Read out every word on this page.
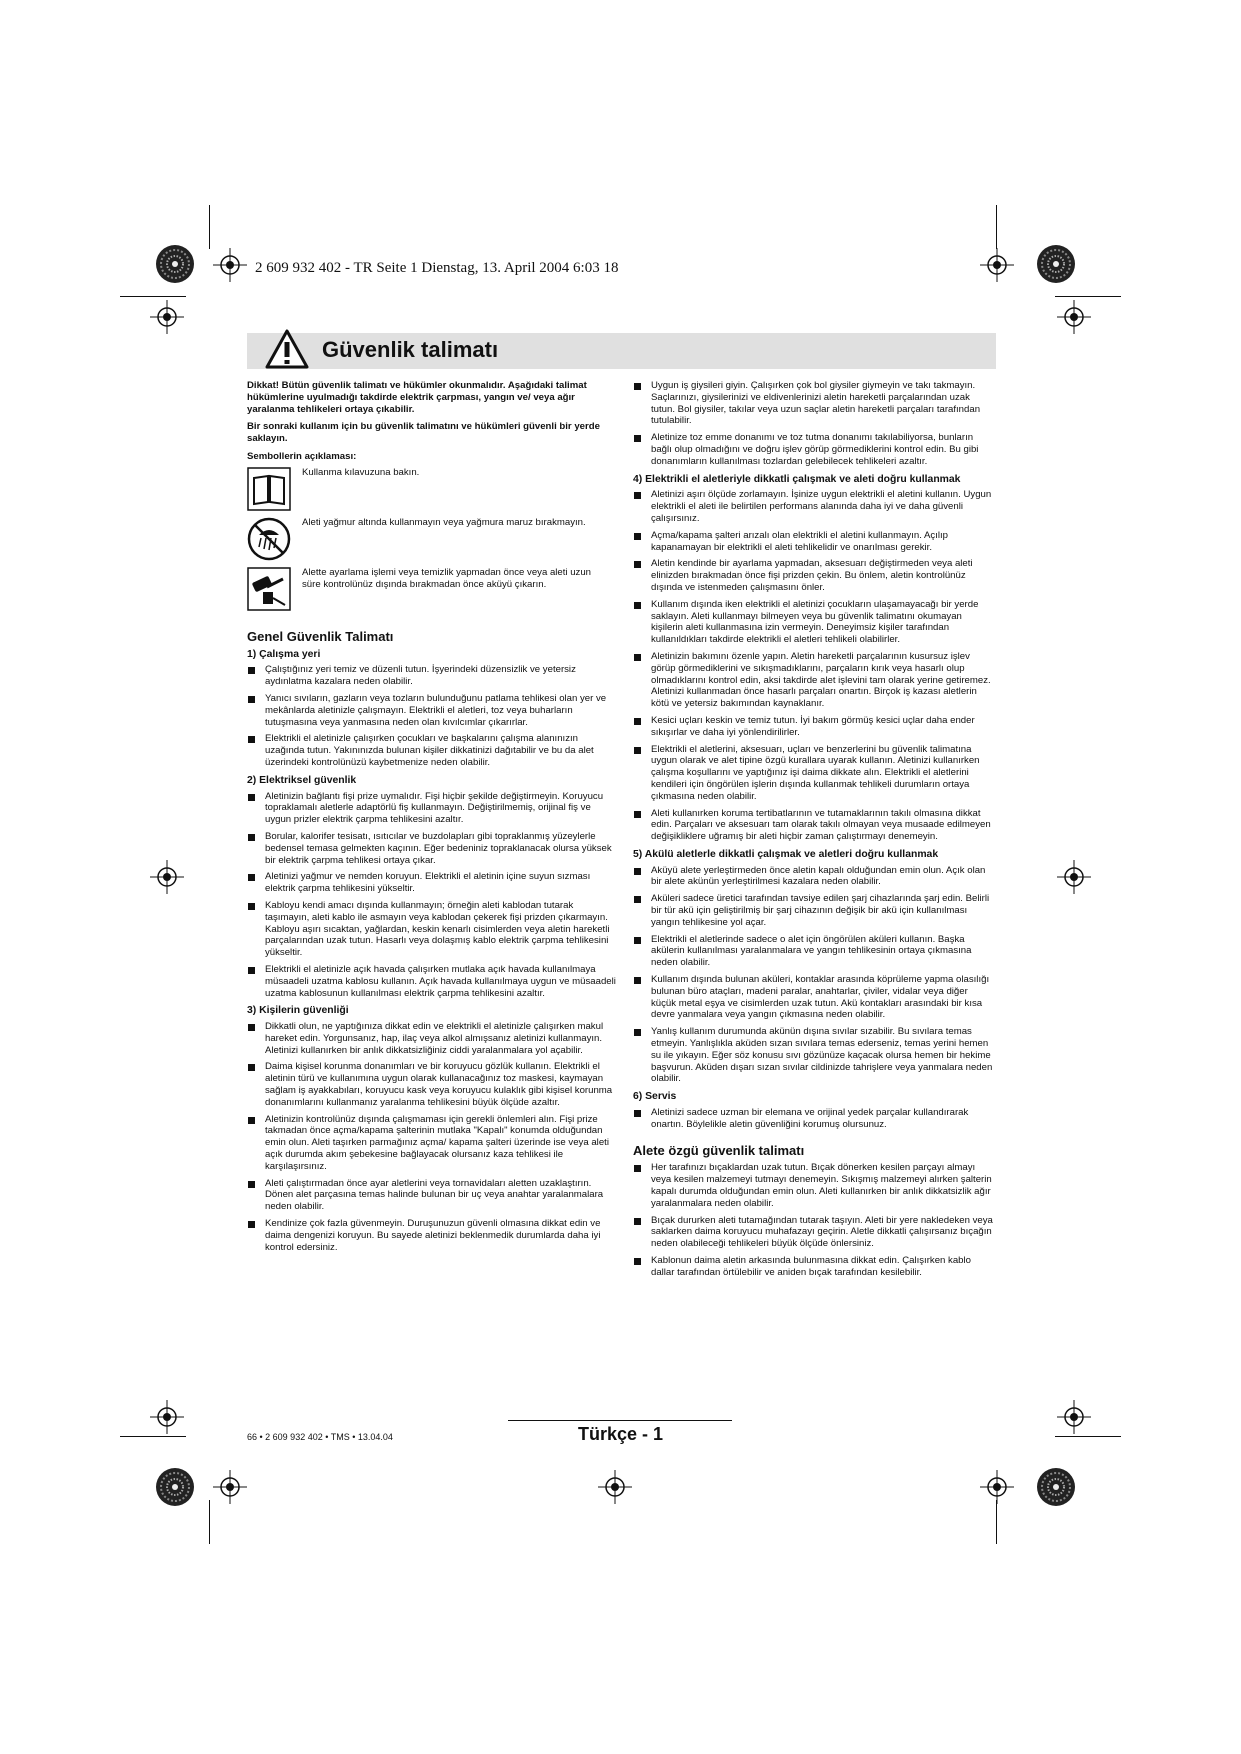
2 609 932 402 - TR Seite 1 Dienstag, 13. April 2004 6:03 18
Güvenlik talimatı

Dikkat! Bütün güvenlik talimatı ve hükümler okunmalıdır. Aşağıdaki talimat hükümlerine uyulmadığı takdirde elektrik çarpması, yangın ve/ veya ağır yaralanma tehlikeleri ortaya çıkabilir.

Bir sonraki kullanım için bu güvenlik talimatını ve hükümleri güvenli bir yerde saklayın.

Sembollerin açıklaması:

Kullanma kılavuzuna bakın.
Aleti yağmur altında kullanmayın veya yağmura maruz bırakmayın.
Alette ayarlama işlemi veya temizlik yapmadan önce veya aleti uzun süre kontrolünüz dışında bırakmadan önce aküyü çıkarın.
Genel Güvenlik Talimatı
1) Çalışma yeri
Çalıştığınız yeri temiz ve düzenli tutun. İşyerindeki düzensizlik ve yetersiz aydınlatma kazalara neden olabilir.
Yanıcı sıvıların, gazların veya tozların bulunduğunu patlama tehlikesi olan yer ve mekânlarda aletinizle çalışmayın. Elektrikli el aletleri, toz veya buharların tutuşmasına veya yanmasına neden olan kıvılcımlar çıkarırlar.
Elektrikli el aletinizle çalışırken çocukları ve başkalarını çalışma alanınızın uzağında tutun. Yakınınızda bulunan kişiler dikkatinizi dağıtabilir ve bu da alet üzerindeki kontrolünüzü kaybetmenize neden olabilir.
2) Elektriksel güvenlik
Aletinizin bağlantı fişi prize uymalıdır. Fişi hiçbir şekilde değiştirmeyin. Koruyucu topraklamalı aletlerle adaptörlü fiş kullanmayın. Değiştirilmemiş, orijinal fiş ve uygun prizler elektrik çarpma tehlikesini azaltır.
Borular, kalorifer tesisatı, ısıtıcılar ve buzdolapları gibi topraklanmış yüzeylerle bedensel temasa gelmekten kaçının. Eğer bedeniniz topraklanacak olursa yüksek bir elektrik çarpma tehlikesi ortaya çıkar.
Aletinizi yağmur ve nemden koruyun. Elektrikli el aletinin içine suyun sızması elektrik çarpma tehlikesini yükseltir.
Kabloyu kendi amacı dışında kullanmayın; örneğin aleti kablodan tutarak taşımayın, aleti kablo ile asmayın veya kablodan çekerek fişi prizden çıkarmayın. Kabloyu aşırı sıcaktan, yağlardan, keskin kenarlı cisimlerden veya aletin hareketli parçalarından uzak tutun. Hasarlı veya dolaşmış kablo elektrik çarpma tehlikesini yükseltir.
Elektrikli el aletinizle açık havada çalışırken mutlaka açık havada kullanılmaya müsaadeli uzatma kablosu kullanın. Açık havada kullanılmaya uygun ve müsaadeli uzatma kablosunun kullanılması elektrik çarpma tehlikesini azaltır.
3) Kişilerin güvenliği
Dikkatli olun, ne yaptığınıza dikkat edin ve elektrikli el aletinizle çalışırken makul hareket edin. Yorgunsanız, hap, ilaç veya alkol almışsanız aletinizi kullanmayın. Aletinizi kullanırken bir anlık dikkatsizliğiniz ciddi yaralanmalara yol açabilir.
Daima kişisel korunma donanımları ve bir koruyucu gözlük kullanın. Elektrikli el aletinin türü ve kullanımına uygun olarak kullanacağınız toz maskesi, kaymayan sağlam iş ayakkabıları, koruyucu kask veya koruyucu kulaklık gibi kişisel korunma donanımlarını kullanmanız yaralanma tehlikesini büyük ölçüde azaltır.
Aletinizin kontrolünüz dışında çalışmaması için gerekli önlemleri alın. Fişi prize takmadan önce açma/kapama şalterinin mutlaka "Kapalı" konumda olduğundan emin olun. Aleti taşırken parmağınız açma/ kapama şalteri üzerinde ise veya aleti açık durumda akım şebekesine bağlayacak olursanız kaza tehlikesi ile karşılaşırsınız.
Aleti çalıştırmadan önce ayar aletlerini veya tornavidaları aletten uzaklaştırın. Dönen alet parçasına temas halinde bulunan bir uç veya anahtar yaralanmalara neden olabilir.
Kendinize çok fazla güvenmeyin. Duruşunuzun güvenli olmasına dikkat edin ve daima dengenizi koruyun. Bu sayede aletinizi beklenmedik durumlarda daha iyi kontrol edersiniz.
Uygun iş giysileri giyin. Çalışırken çok bol giysiler giymeyin ve takı takmayın. Saçlarınızı, giysilerinizi ve eldivenlerinizi aletin hareketli parçalarından uzak tutun. Bol giysiler, takılar veya uzun saçlar aletin hareketli parçaları tarafından tutulabilir.
Aletinize toz emme donanımı ve toz tutma donanımı takılabiliyorsa, bunların bağlı olup olmadığını ve doğru işlev görüp görmediklerini kontrol edin. Bu gibi donanımların kullanılması tozlardan gelebilecek tehlikeleri azaltır.
4) Elektrikli el aletleriyle dikkatli çalışmak ve aleti doğru kullanmak
Aletinizi aşırı ölçüde zorlamayın. İşinize uygun elektrikli el aletini kullanın. Uygun elektrikli el aleti ile belirtilen performans alanında daha iyi ve daha güvenli çalışırsınız.
Açma/kapama şalteri arızalı olan elektrikli el aletini kullanmayın. Açılıp kapanamayan bir elektrikli el aleti tehlikelidir ve onarılması gerekir.
Aletin kendinde bir ayarlama yapmadan, aksesuarı değiştirmeden veya aleti elinizden bırakmadan önce fişi prizden çekin. Bu önlem, aletin kontrolünüz dışında ve istenmeden çalışmasını önler.
Kullanım dışında iken elektrikli el aletinizi çocukların ulaşamayacağı bir yerde saklayın. Aleti kullanmayı bilmeyen veya bu güvenlik talimatını okumayan kişilerin aleti kullanmasına izin vermeyin. Deneyimsiz kişiler tarafından kullanıldıkları takdirde elektrikli el aletleri tehlikeli olabilirler.
Aletinizin bakımını özenle yapın. Aletin hareketli parçalarının kusursuz işlev görüp görmediklerini ve sıkışmadıklarını, parçaların kırık veya hasarlı olup olmadıklarını kontrol edin, aksi takdirde alet işlevini tam olarak yerine getiremez. Aletinizi kullanmadan önce hasarlı parçaları onartın. Birçok iş kazası aletlerin kötü ve yetersiz bakımından kaynaklanır.
Kesici uçları keskin ve temiz tutun. İyi bakım görmüş kesici uçlar daha ender sıkışırlar ve daha iyi yönlendirilirler.
Elektrikli el aletlerini, aksesuarı, uçları ve benzerlerini bu güvenlik talimatına uygun olarak ve alet tipine özgü kurallara uyarak kullanın. Aletinizi kullanırken çalışma koşullarını ve yaptığınız işi daima dikkate alın. Elektrikli el aletlerini kendileri için öngörülen işlerin dışında kullanmak tehlikeli durumların ortaya çıkmasına neden olabilir.
Aleti kullanırken koruma tertibatlarının ve tutamaklarının takılı olmasına dikkat edin. Parçaları ve aksesuarı tam olarak takılı olmayan veya musaade edilmeyen değişikliklere uğramış bir aleti hiçbir zaman çalıştırmayı denemeyin.
5) Akülü aletlerle dikkatli çalışmak ve aletleri doğru kullanmak
Aküyü alete yerleştirmeden önce aletin kapalı olduğundan emin olun. Açık olan bir alete akünün yerleştirilmesi kazalara neden olabilir.
Aküleri sadece üretici tarafından tavsiye edilen şarj cihazlarında şarj edin. Belirli bir tür akü için geliştirilmiş bir şarj cihazının değişik bir akü için kullanılması yangın tehlikesine yol açar.
Elektrikli el aletlerinde sadece o alet için öngörülen aküleri kullanın. Başka akülerin kullanılması yaralanmalara ve yangın tehlikesinin ortaya çıkmasına neden olabilir.
Kullanım dışında bulunan aküleri, kontaklar arasında köprüleme yapma olasılığı bulunan büro ataçları, madeni paralar, anahtarlar, çiviler, vidalar veya diğer küçük metal eşya ve cisimlerden uzak tutun. Akü kontakları arasındaki bir kısa devre yanmalara veya yangın çıkmasına neden olabilir.
Yanlış kullanım durumunda akünün dışına sıvılar sızabilir. Bu sıvılara temas etmeyin. Yanlışlıkla aküden sızan sıvılara temas ederseniz, temas yerini hemen su ile yıkayın. Eğer söz konusu sıvı gözünüze kaçacak olursa hemen bir hekime başvurun. Aküden dışarı sızan sıvılar cildinizde tahrişlere veya yanmalara neden olabilir.
6) Servis
Aletinizi sadece uzman bir elemana ve orijinal yedek parçalar kullandırarak onartın. Böylelikle aletin güvenliğini korumuş olursunuz.
Alete özgü güvenlik talimatı
Her tarafınızı bıçaklardan uzak tutun. Bıçak dönerken kesilen parçayı almayı veya kesilen malzemeyi tutmayı denemeyin. Sıkışmış malzemeyi alırken şalterin kapalı durumda olduğundan emin olun. Aleti kullanırken bir anlık dikkatsizlik ağır yaralanmalara neden olabilir.
Bıçak dururken aleti tutamağından tutarak taşıyın. Aleti bir yere nakledeken veya saklarken daima koruyucu muhafazayı geçirin. Aletle dikkatli çalışırsanız bıçağın neden olabileceği tehlikeleri büyük ölçüde önlersiniz.
Kablonun daima aletin arkasında bulunmasına dikkat edin. Çalışırken kablo dallar tarafından örtülebilir ve aniden bıçak tarafından kesilebilir.
66 • 2 609 932 402 • TMS • 13.04.04	Türkçe - 1
